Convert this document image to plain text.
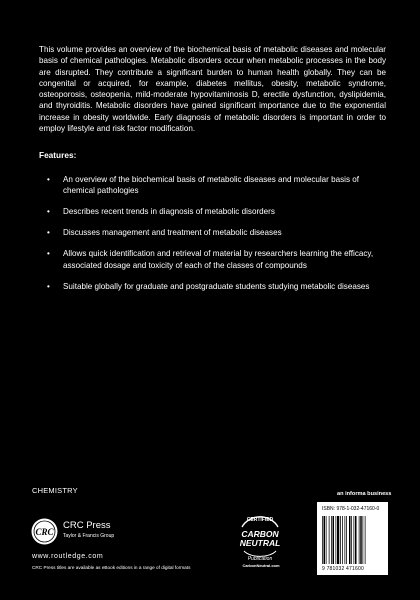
This volume provides an overview of the biochemical basis of metabolic diseases and molecular basis of chemical pathologies. Metabolic disorders occur when metabolic processes in the body are disrupted. They contribute a significant burden to human health globally. They can be congenital or acquired, for example, diabetes mellitus, obesity, metabolic syndrome, osteoporosis, osteopenia, mild-moderate hypovitaminosis D, erectile dysfunction, dyslipidemia, and thyroiditis. Metabolic disorders have gained significant importance due to the exponential increase in obesity worldwide. Early diagnosis of metabolic disorders is important in order to employ lifestyle and risk factor modification.

Features:

• An overview of the biochemical basis of metabolic diseases and molecular basis of chemical pathologies
• Describes recent trends in diagnosis of metabolic disorders
• Discusses management and treatment of metabolic diseases
• Allows quick identification and retrieval of material by researchers learning the efficacy, associated dosage and toxicity of each of the classes of compounds
• Suitable globally for graduate and postgraduate students studying metabolic diseases
CHEMISTRY
CRC
CRC Press
Taylor & Francis Group
www.routledge.com
CRC Press titles are available as eBook editions in a range of digital formats
CERTIFIED
CARBON
NEUTRAL
Publication
CarbonNeutral.com
an informa business
ISBN: 978-1-032-47160-0
9 781032 471600
